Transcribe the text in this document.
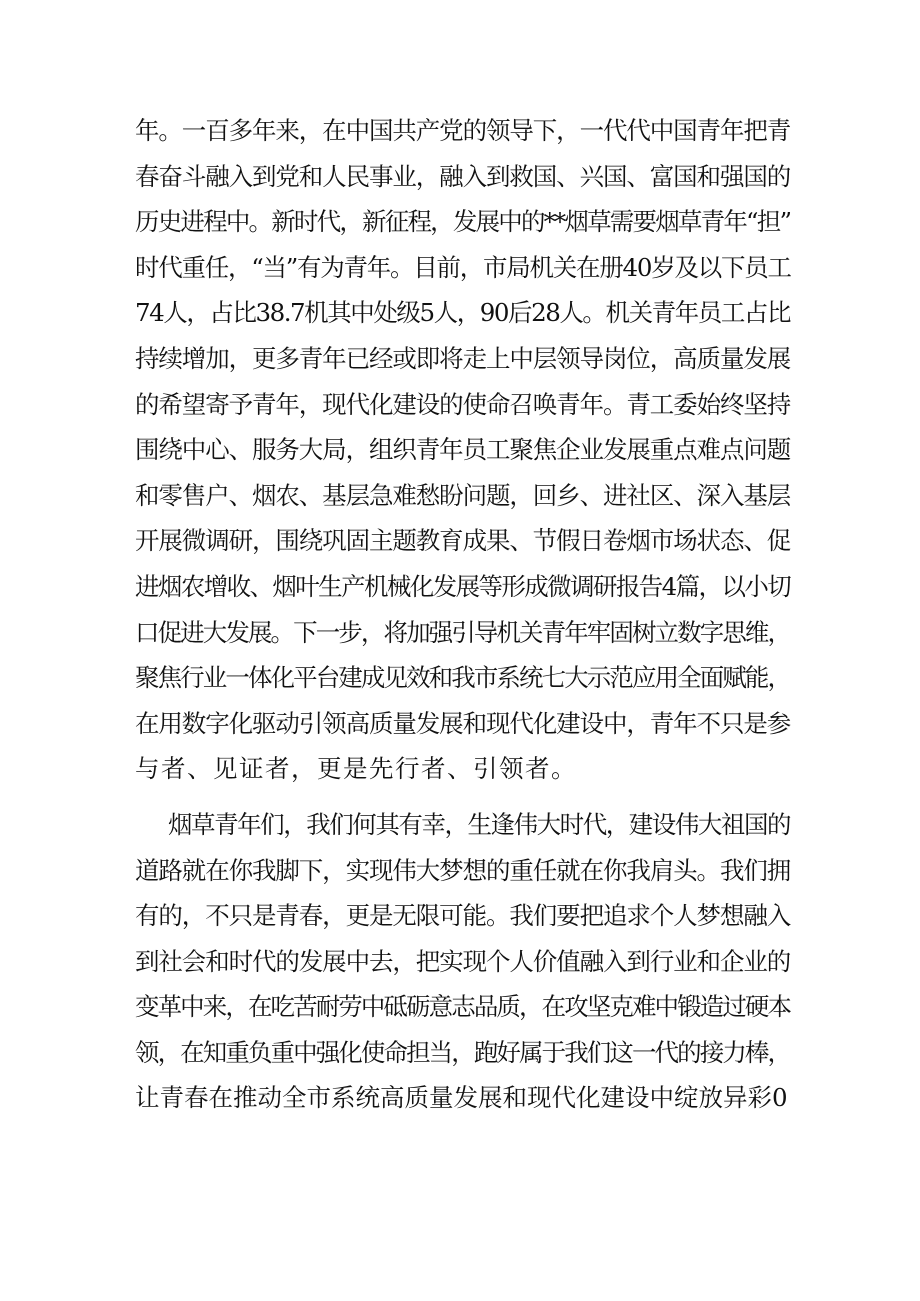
年。一百多年来，在中国共产党的领导下，一代代中国青年把青
春奋斗融入到党和人民事业，融入到救国、兴国、富国和强国的
历史进程中。新时代，新征程，发展中的**烟草需要烟草青年“担”
时代重任，“当”有为青年。目前，市局机关在册40岁及以下员工
74人，占比38.7机其中处级5人，90后28人。机关青年员工占比
持续增加，更多青年已经或即将走上中层领导岗位，高质量发展
的希望寄予青年，现代化建设的使命召唤青年。青工委始终坚持
围绕中心、服务大局，组织青年员工聚焦企业发展重点难点问题
和零售户、烟农、基层急难愁盼问题，回乡、进社区、深入基层
开展微调研，围绕巩固主题教育成果、节假日卷烟市场状态、促
进烟农增收、烟叶生产机械化发展等形成微调研报告4篇，以小切
口促进大发展。下一步，将加强引导机关青年牢固树立数字思维，
聚焦行业一体化平台建成见效和我市系统七大示范应用全面赋能，
在用数字化驱动引领高质量发展和现代化建设中，青年不只是参
与者、见证者，更是先行者、引领者。
烟草青年们，我们何其有幸，生逢伟大时代，建设伟大祖国的
道路就在你我脚下，实现伟大梦想的重任就在你我肩头。我们拥
有的，不只是青春，更是无限可能。我们要把追求个人梦想融入
到社会和时代的发展中去，把实现个人价值融入到行业和企业的
变革中来，在吃苦耐劳中砥砺意志品质，在攻坚克难中锻造过硬本
领，在知重负重中强化使命担当，跑好属于我们这一代的接力棒，
让青春在推动全市系统高质量发展和现代化建设中绽放异彩0
